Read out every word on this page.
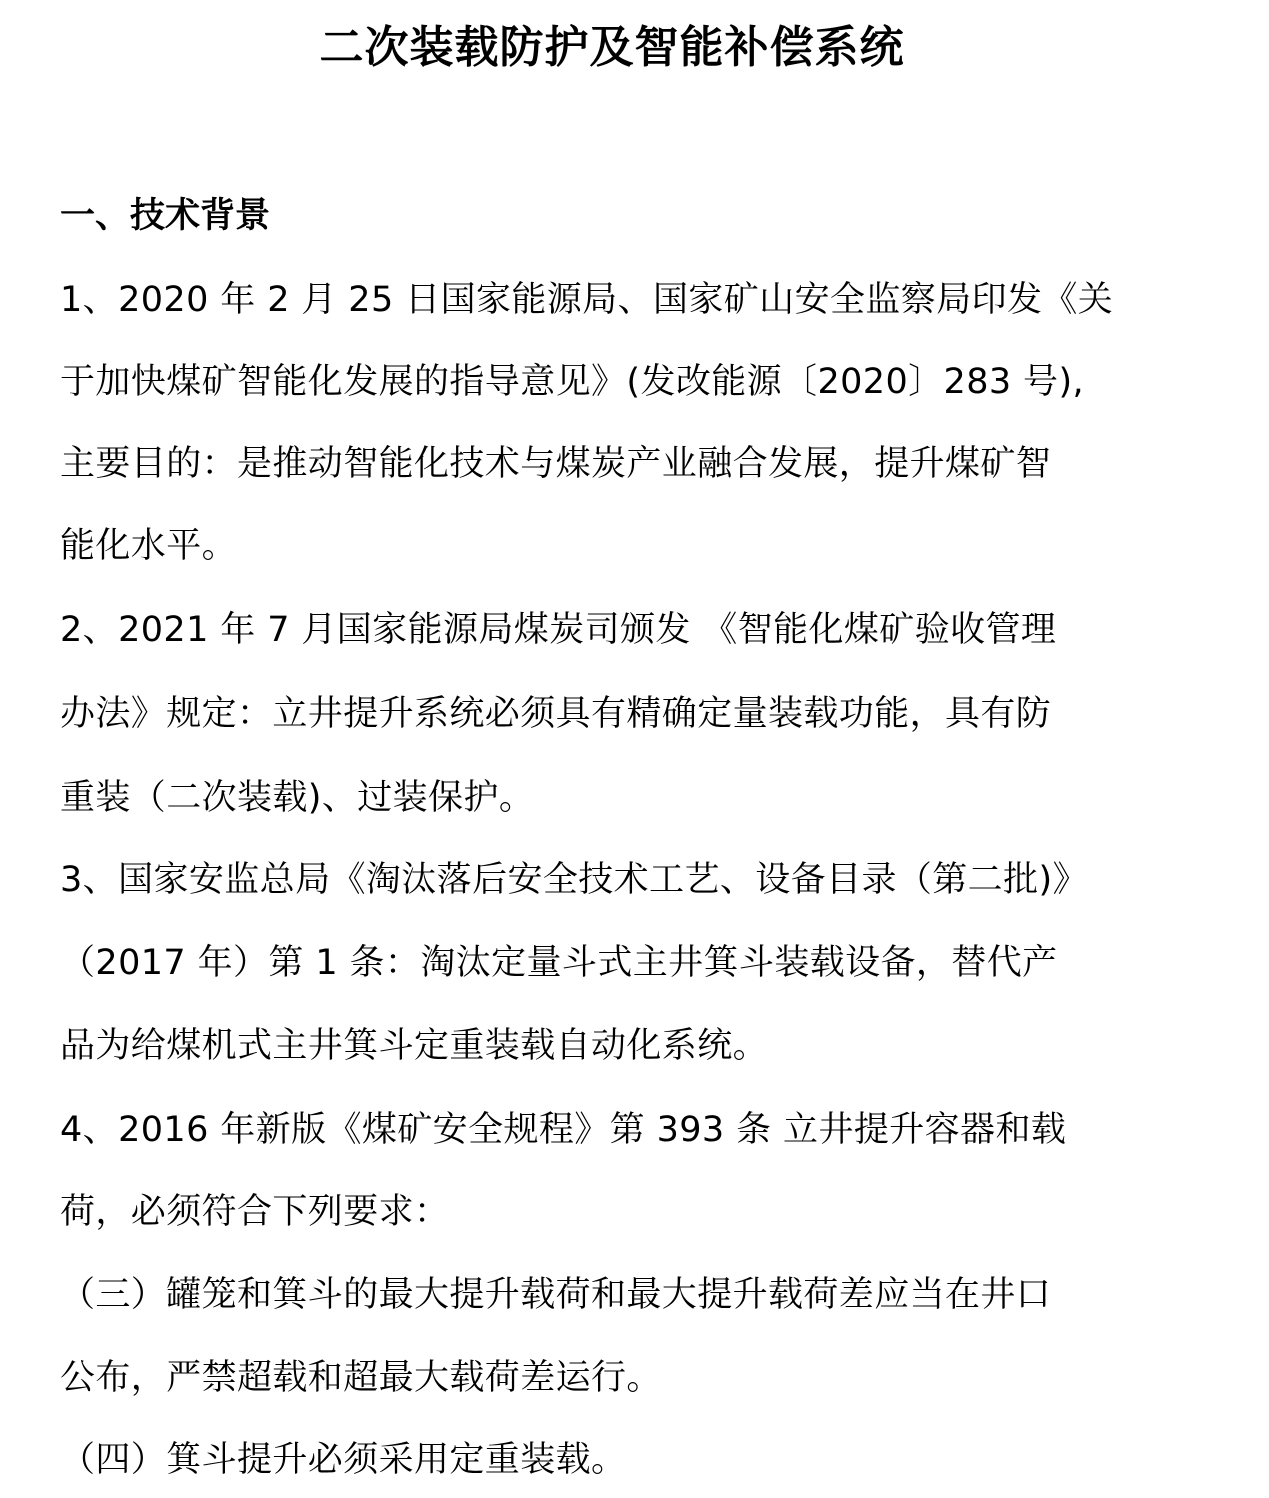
二次装载防护及智能补偿系统
一、技术背景
1、2020 年 2 月 25 日国家能源局、国家矿山安全监察局印发《关
于加快煤矿智能化发展的指导意见》(发改能源〔2020〕283 号),
主要目的：是推动智能化技术与煤炭产业融合发展，提升煤矿智
能化水平。
2、2021 年 7 月国家能源局煤炭司颁发 《智能化煤矿验收管理
办法》规定：立井提升系统必须具有精确定量装载功能，具有防
重装（二次装载)、过装保护。
3、国家安监总局《淘汰落后安全技术工艺、设备目录（第二批)》
（2017 年）第 1 条：淘汰定量斗式主井箕斗装载设备，替代产
品为给煤机式主井箕斗定重装载自动化系统。
4、2016 年新版《煤矿安全规程》第 393 条 立井提升容器和载
荷，必须符合下列要求：
（三）罐笼和箕斗的最大提升载荷和最大提升载荷差应当在井口
公布，严禁超载和超最大载荷差运行。
（四）箕斗提升必须采用定重装载。
